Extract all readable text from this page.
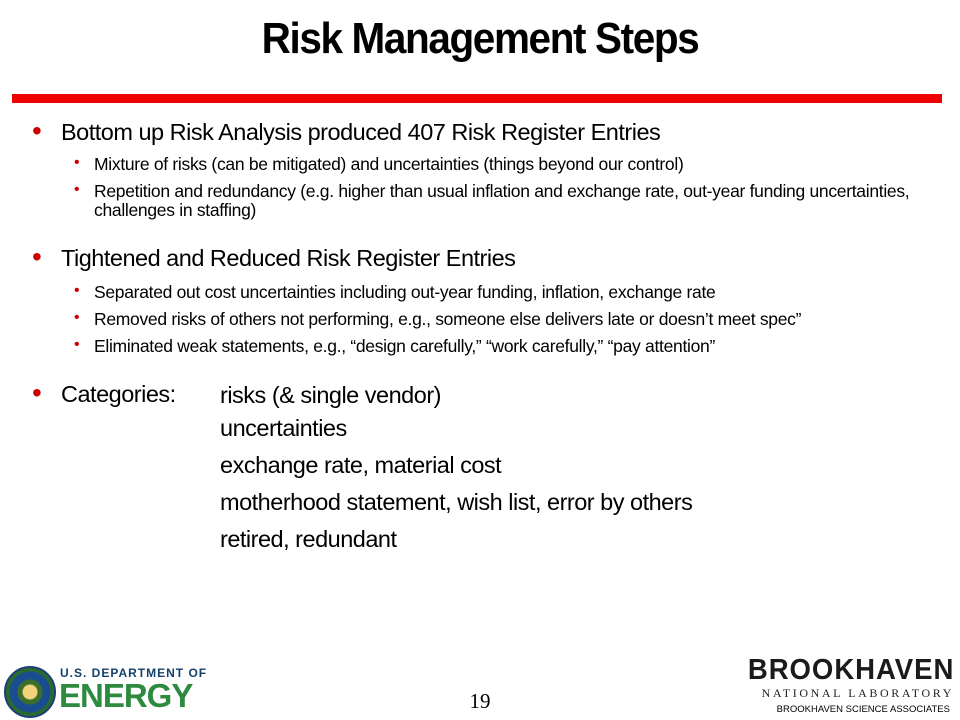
Risk Management Steps
• Bottom up Risk Analysis produced 407 Risk Register Entries
• Mixture of risks (can be mitigated) and uncertainties (things beyond our control)
• Repetition and redundancy (e.g. higher than usual inflation and exchange rate, out-year funding uncertainties, challenges in staffing)
• Tightened and Reduced Risk Register Entries
• Separated out cost uncertainties including out-year funding, inflation, exchange rate
• Removed risks of others not performing, e.g., someone else delivers late or doesn’t meet spec”
• Eliminated weak statements, e.g., “design carefully,” “work carefully,” “pay attention”
• Categories:	risks (& single vendor)
uncertainties
exchange rate, material cost
motherhood statement, wish list, error by others
retired, redundant
U.S. DEPARTMENT OF
ENERGY	19
BROOKHAVEN
NATIONAL LABORATORY
BROOKHAVEN SCIENCE ASSOCIATES
